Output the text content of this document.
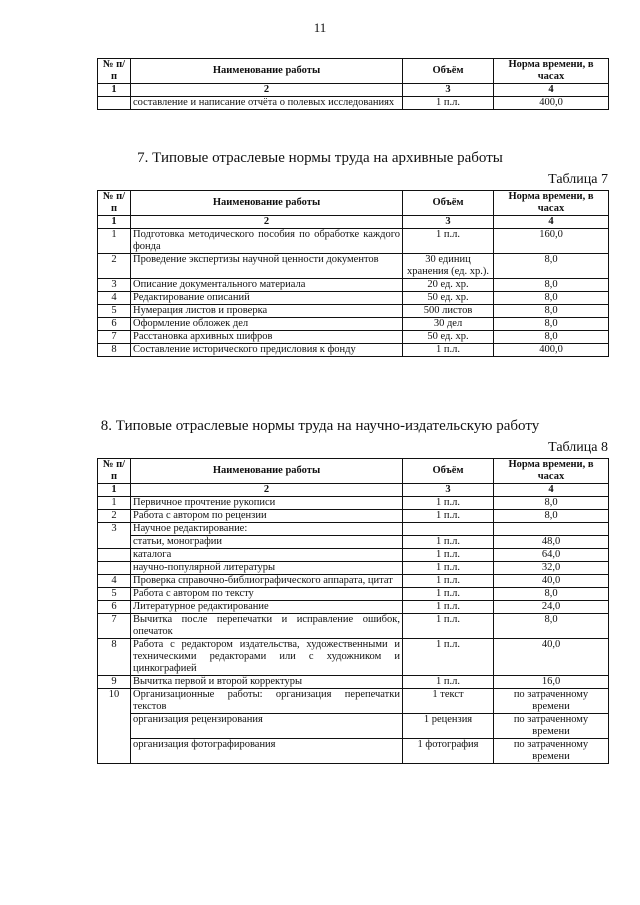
11
№ п/п	Наименование работы	Объём	Норма времени, в часах
1	2	3	4
	составление и написание отчёта о полевых исследованиях	1 п.л.	400,0
7. Типовые отраслевые нормы труда на архивные работы
Таблица 7
№ п/п	Наименование работы	Объём	Норма времени, в часах
1	2	3	4
1	Подготовка методического пособия по обработке каждого фонда	1 п.л.	160,0
2	Проведение экспертизы научной ценности документов	30 единиц хранения (ед. хр.).	8,0
3	Описание документального материала	20 ед. хр.	8,0
4	Редактирование описаний	50 ед. хр.	8,0
5	Нумерация листов и проверка	500 листов	8,0
6	Оформление обложек дел	30 дел	8,0
7	Расстановка архивных шифров	50 ед. хр.	8,0
8	Составление исторического предисловия к фонду	1 п.л.	400,0
8. Типовые отраслевые нормы труда на научно-издательскую работу
Таблица 8
№ п/п	Наименование работы	Объём	Норма времени, в часах
1	2	3	4
1	Первичное прочтение рукописи	1 п.л.	8,0
2	Работа с автором по рецензии	1 п.л.	8,0
3	Научное редактирование:		
	статьи, монографии	1 п.л.	48,0
	каталога	1 п.л.	64,0
	научно-популярной литературы	1 п.л.	32,0
4	Проверка справочно-библиографического аппарата, цитат	1 п.л.	40,0
5	Работа с автором по тексту	1 п.л.	8,0
6	Литературное редактирование	1 п.л.	24,0
7	Вычитка после перепечатки и исправление ошибок, опечаток	1 п.л.	8,0
8	Работа с редактором издательства, художественными и техническими редакторами или с художником и цинкографией	1 п.л.	40,0
9	Вычитка первой и второй корректуры	1 п.л.	16,0
10	Организационные работы: организация перепечатки текстов	1 текст	по затраченному времени
	организация рецензирования	1 рецензия	по затраченному времени
	организация фотографирования	1 фотография	по затраченному времени
